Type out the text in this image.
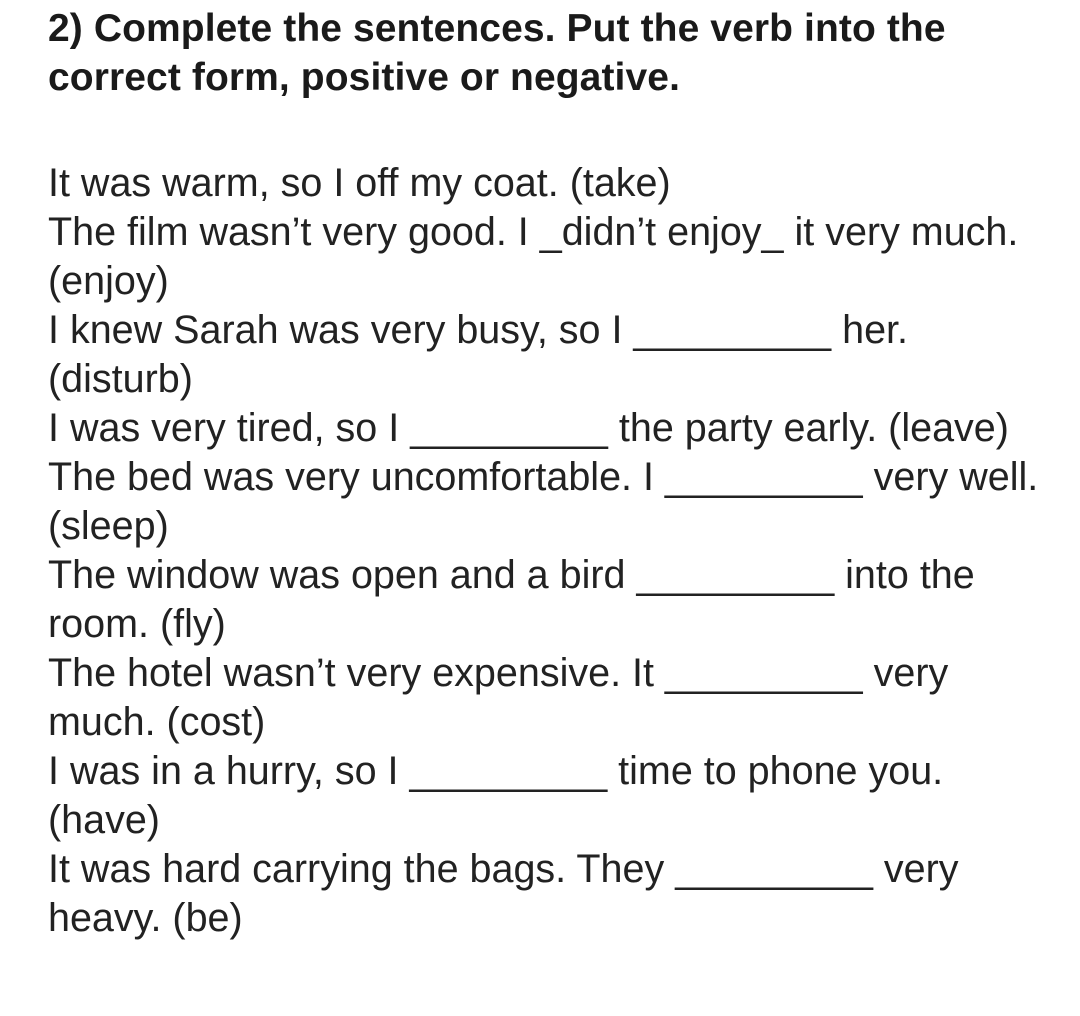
2) Complete the sentences. Put the verb into the correct form, positive or negative.

It was warm, so I off my coat. (take)

The film wasn’t very good. I _didn’t enjoy_ it very much. (enjoy)

I knew Sarah was very busy, so I _________ her. (disturb)

I was very tired, so I _________ the party early. (leave)

The bed was very uncomfortable. I _________ very well. (sleep)

The window was open and a bird _________ into the room. (fly)

The hotel wasn’t very expensive. It _________ very much. (cost)

I was in a hurry, so I _________ time to phone you. (have)

It was hard carrying the bags. They _________ very heavy. (be)
